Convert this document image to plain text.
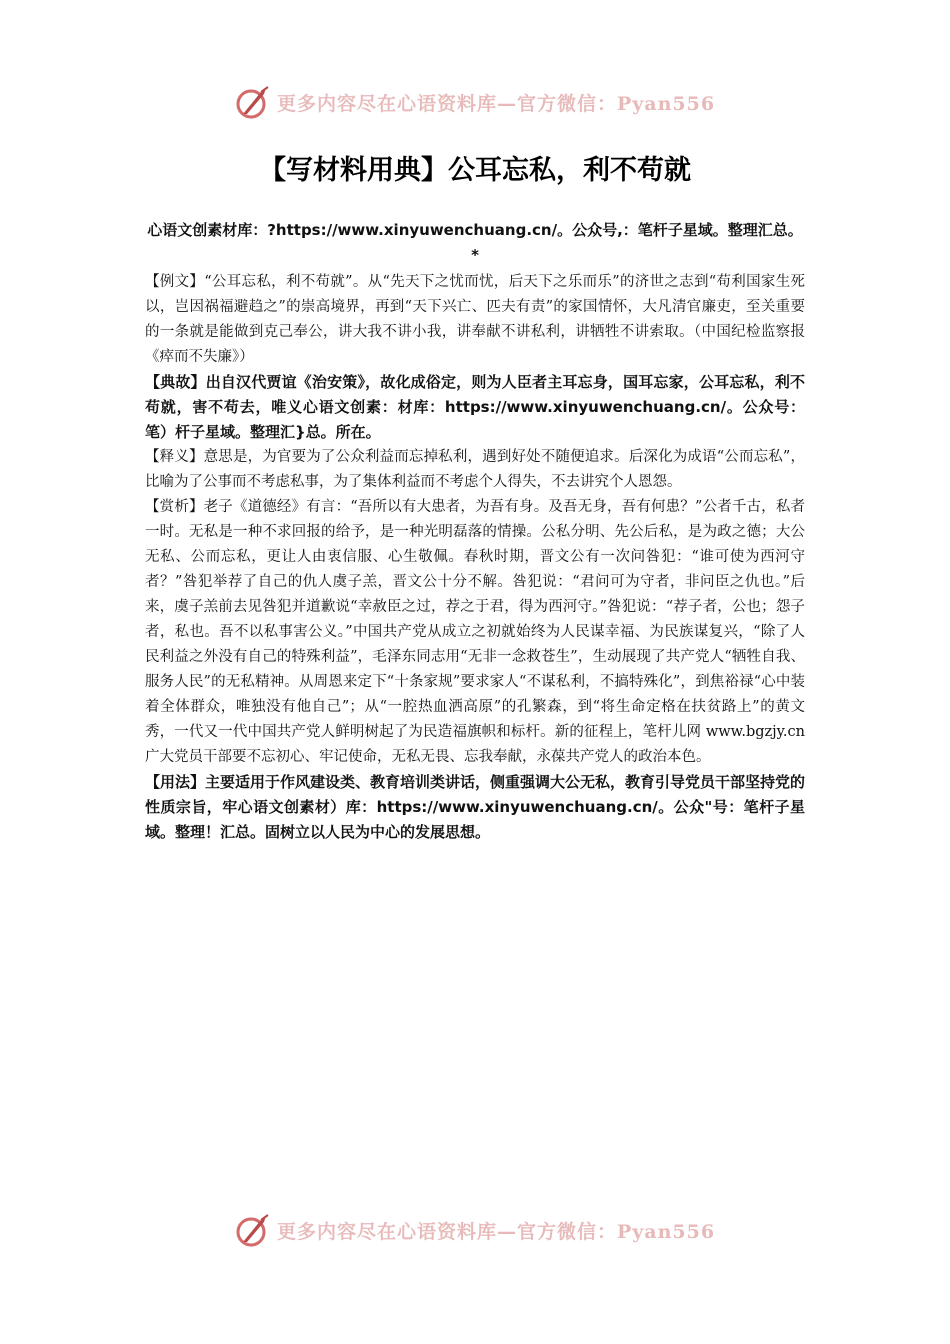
更多内容尽在心语资料库—官方微信：Pyan556
【写材料用典】公耳忘私，利不苟就

心语文创素材库：?https://www.xinyuwenchuang.cn/。公众号,：笔杆子星域。整理汇总。*

【例文】“公耳忘私，利不苟就”。从“先天下之忧而忧，后天下之乐而乐”的济世之志到“苟利国家生死以，岂因祸福避趋之”的崇高境界，再到“天下兴亡、匹夫有责”的家国情怀，大凡清官廉吏，至关重要的一条就是能做到克己奉公，讲大我不讲小我，讲奉献不讲私利，讲牺牲不讲索取。（中国纪检监察报《瘁而不失廉》）

【典故】出自汉代贾谊《治安策》，故化成俗定，则为人臣者主耳忘身，国耳忘家，公耳忘私，利不苟就，害不苟去，唯义心语文创素：材库：https://www.xinyuwenchuang.cn/。公众号：笔）杆子星域。整理汇}总。所在。

【释义】意思是，为官要为了公众利益而忘掉私利，遇到好处不随便追求。后深化为成语“公而忘私”，比喻为了公事而不考虑私事，为了集体利益而不考虑个人得失，不去讲究个人恩怨。

【赏析】老子《道德经》有言：“吾所以有大患者，为吾有身。及吾无身，吾有何患？”公者千古，私者一时。无私是一种不求回报的给予，是一种光明磊落的情操。公私分明、先公后私，是为政之德；大公无私、公而忘私，更让人由衷信服、心生敬佩。春秋时期，晋文公有一次问咎犯：“谁可使为西河守者？”咎犯举荐了自己的仇人虞子羔，晋文公十分不解。咎犯说：“君问可为守者，非问臣之仇也。”后来，虞子羔前去见咎犯并道歉说“幸赦臣之过，荐之于君，得为西河守。”咎犯说：“荐子者，公也；怨子者，私也。吾不以私事害公义。”中国共产党从成立之初就始终为人民谋幸福、为民族谋复兴，“除了人民利益之外没有自己的特殊利益”，毛泽东同志用“无非一念救苍生”，生动展现了共产党人“牺牲自我、服务人民”的无私精神。从周恩来定下“十条家规”要求家人“不谋私利，不搞特殊化”，到焦裕禄“心中装着全体群众，唯独没有他自己”；从“一腔热血洒高原”的孔繁森，到“将生命定格在扶贫路上”的黄文秀，一代又一代中国共产党人鲜明树起了为民造福旗帜和标杆。新的征程上，笔杆儿网 www.bgzjy.cn 广大党员干部要不忘初心、牢记使命，无私无畏、忘我奉献，永葆共产党人的政治本色。

【用法】主要适用于作风建设类、教育培训类讲话，侧重强调大公无私，教育引导党员干部坚持党的性质宗旨，牢心语文创素材）库：https://www.xinyuwenchuang.cn/。公众"号：笔杆子星域。整理！汇总。固树立以人民为中心的发展思想。

更多内容尽在心语资料库—官方微信：Pyan556
